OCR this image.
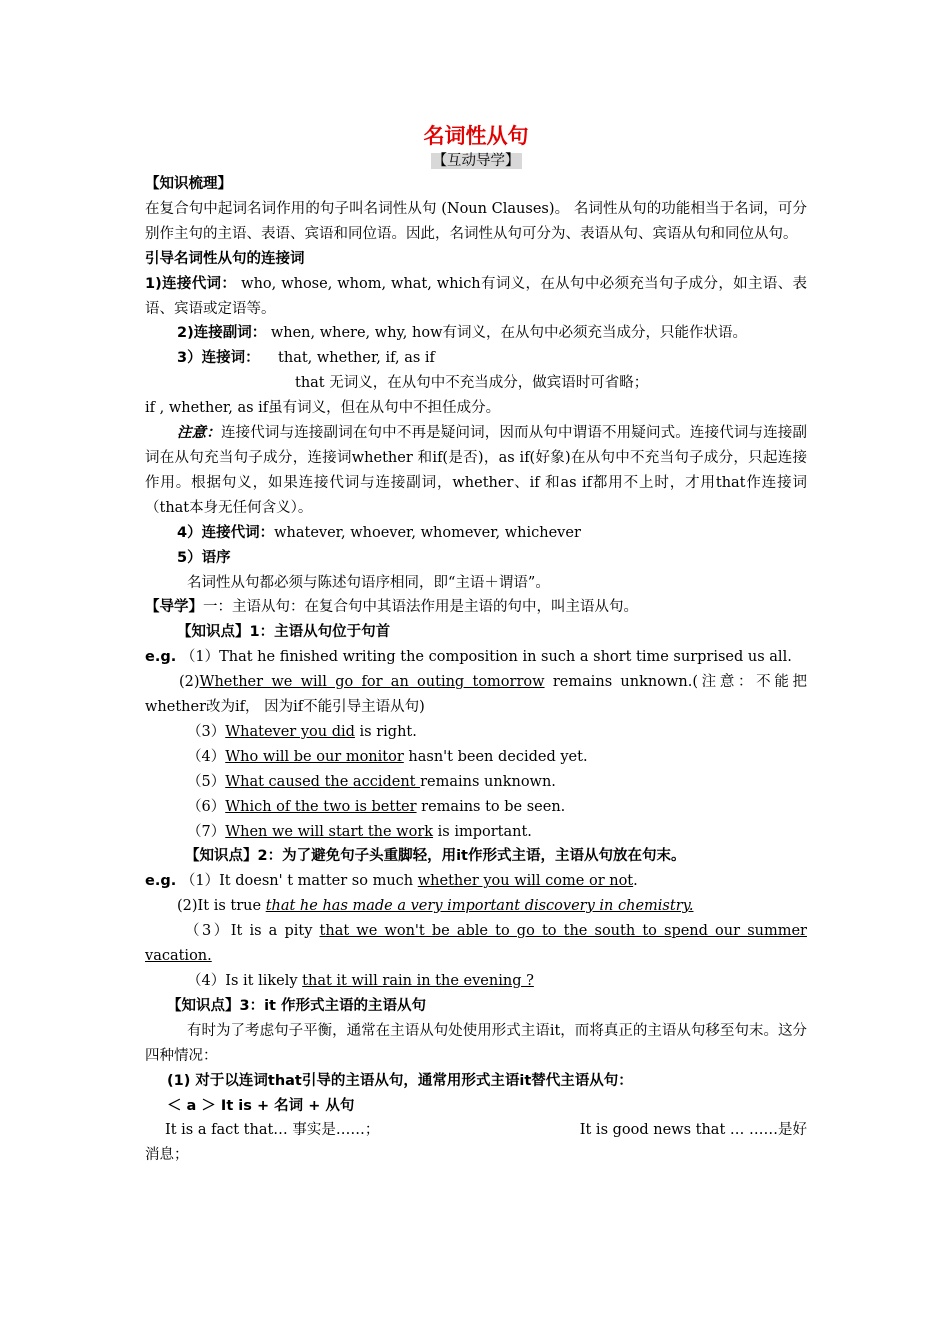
名词性从句

【互动导学】

【知识梳理】

在复合句中起词名词作用的句子叫名词性从句 (Noun Clauses)。 名词性从句的功能相当于名词，可分别作主句的主语、表语、宾语和同位语。因此，名词性从句可分为、表语从句、宾语从句和同位从句。

引导名词性从句的连接词

1)连接代词： who, whose, whom, what, which有词义，在从句中必须充当句子成分，如主语、表语、宾语或定语等。

2)连接副词： when, where, why, how有词义，在从句中必须充当成分，只能作状语。

3）连接词：    that, whether, if, as if

that 无词义，在从句中不充当成分，做宾语时可省略；

if , whether, as if虽有词义，但在从句中不担任成分。

注意：连接代词与连接副词在句中不再是疑问词，因而从句中谓语不用疑问式。连接代词与连接副词在从句充当句子成分，连接词whether 和if(是否)，as if(好象)在从句中不充当句子成分，只起连接作用。根据句义，如果连接代词与连接副词，whether、if 和as if都用不上时，才用that作连接词（that本身无任何含义）。

4）连接代词：whatever, whoever, whomever, whichever

5）语序

名词性从句都必须与陈述句语序相同，即“主语＋谓语”。

【导学】一：主语从句：在复合句中其语法作用是主语的句中，叫主语从句。

【知识点】1：主语从句位于句首

e.g. （1）That he finished writing the composition in such a short time surprised us all.

(2)Whether we will go for an outing tomorrow remains unknown.(注意：不能把whether改为if， 因为if不能引导主语从句)

（3）Whatever you did is right.

（4）Who will be our monitor hasn't been decided yet.

（5）What caused the accident remains unknown.

（6）Which of the two is better remains to be seen.

（7）When we will start the work is important.

【知识点】2：为了避免句子头重脚轻，用it作形式主语，主语从句放在句末。

e.g. （1）It doesn' t matter so much whether you will come or not.

(2)It is true that he has made a very important discovery in chemistry.

（3）It is a pity that we won't be able to go to the south to spend our summer vacation.

（4）Is it likely that it will rain in the evening ?

【知识点】3：it 作形式主语的主语从句

有时为了考虑句子平衡，通常在主语从句处使用形式主语it，而将真正的主语从句移至句末。这分四种情况：

(1) 对于以连词that引导的主语从句，通常用形式主语it替代主语从句：

＜ a ＞ It is + 名词 + 从句

It is a fact that… 事实是……；	It is good news that … ……是好

消息；
